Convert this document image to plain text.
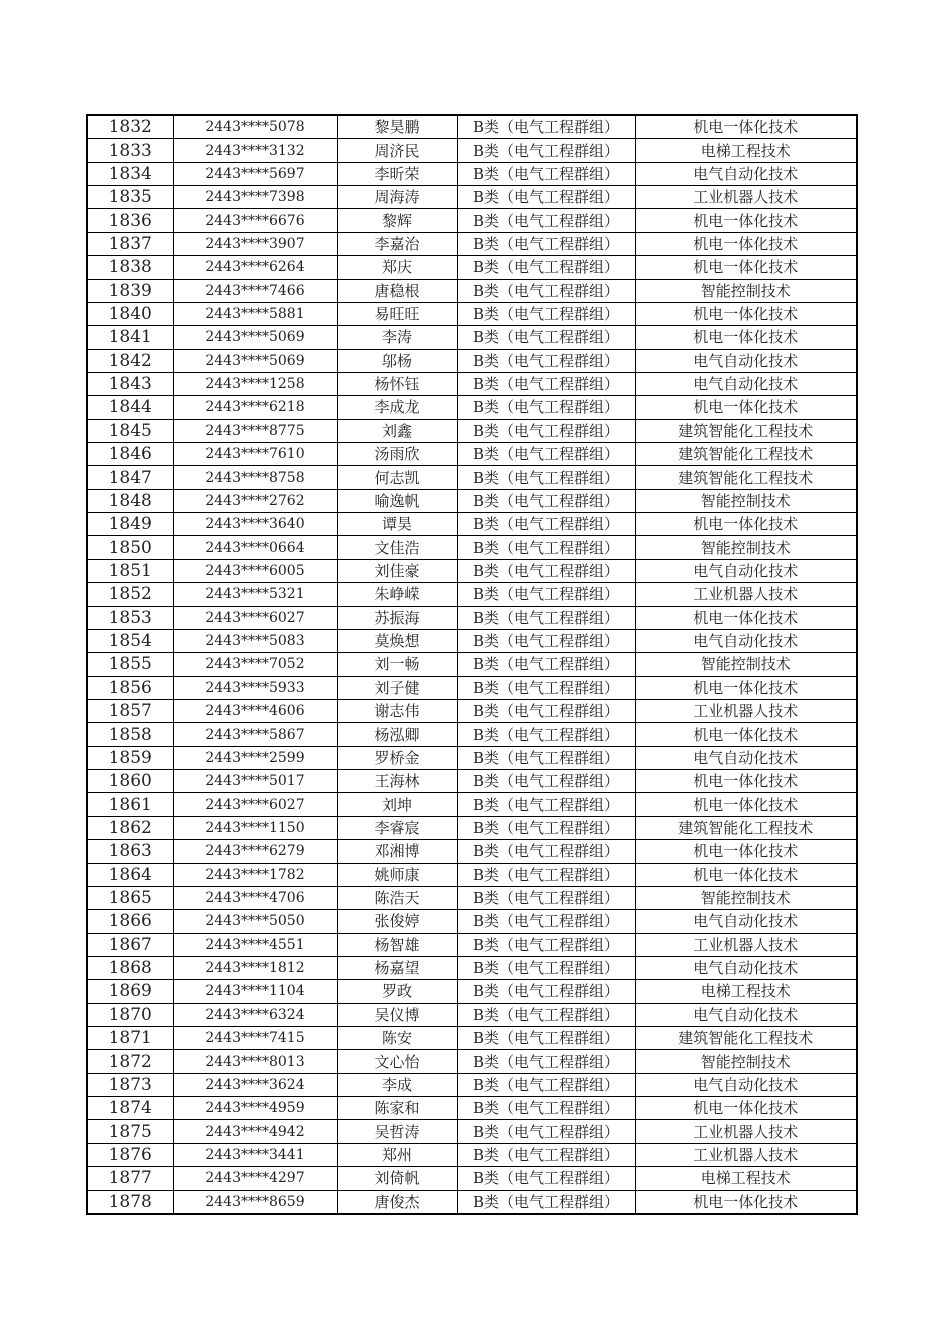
1832	2443****5078	黎昊鹏	B类（电气工程群组）	机电一体化技术
1833	2443****3132	周济民	B类（电气工程群组）	电梯工程技术
1834	2443****5697	李昕荣	B类（电气工程群组）	电气自动化技术
1835	2443****7398	周海涛	B类（电气工程群组）	工业机器人技术
1836	2443****6676	黎辉	B类（电气工程群组）	机电一体化技术
1837	2443****3907	李嘉治	B类（电气工程群组）	机电一体化技术
1838	2443****6264	郑庆	B类（电气工程群组）	机电一体化技术
1839	2443****7466	唐稳根	B类（电气工程群组）	智能控制技术
1840	2443****5881	易旺旺	B类（电气工程群组）	机电一体化技术
1841	2443****5069	李涛	B类（电气工程群组）	机电一体化技术
1842	2443****5069	邬杨	B类（电气工程群组）	电气自动化技术
1843	2443****1258	杨怀钰	B类（电气工程群组）	电气自动化技术
1844	2443****6218	李成龙	B类（电气工程群组）	机电一体化技术
1845	2443****8775	刘鑫	B类（电气工程群组）	建筑智能化工程技术
1846	2443****7610	汤雨欣	B类（电气工程群组）	建筑智能化工程技术
1847	2443****8758	何志凯	B类（电气工程群组）	建筑智能化工程技术
1848	2443****2762	喻逸帆	B类（电气工程群组）	智能控制技术
1849	2443****3640	谭昊	B类（电气工程群组）	机电一体化技术
1850	2443****0664	文佳浩	B类（电气工程群组）	智能控制技术
1851	2443****6005	刘佳豪	B类（电气工程群组）	电气自动化技术
1852	2443****5321	朱峥嵘	B类（电气工程群组）	工业机器人技术
1853	2443****6027	苏振海	B类（电气工程群组）	机电一体化技术
1854	2443****5083	莫焕想	B类（电气工程群组）	电气自动化技术
1855	2443****7052	刘一畅	B类（电气工程群组）	智能控制技术
1856	2443****5933	刘子健	B类（电气工程群组）	机电一体化技术
1857	2443****4606	谢志伟	B类（电气工程群组）	工业机器人技术
1858	2443****5867	杨泓卿	B类（电气工程群组）	机电一体化技术
1859	2443****2599	罗桥金	B类（电气工程群组）	电气自动化技术
1860	2443****5017	王海林	B类（电气工程群组）	机电一体化技术
1861	2443****6027	刘坤	B类（电气工程群组）	机电一体化技术
1862	2443****1150	李睿宸	B类（电气工程群组）	建筑智能化工程技术
1863	2443****6279	邓湘博	B类（电气工程群组）	机电一体化技术
1864	2443****1782	姚师康	B类（电气工程群组）	机电一体化技术
1865	2443****4706	陈浩天	B类（电气工程群组）	智能控制技术
1866	2443****5050	张俊婷	B类（电气工程群组）	电气自动化技术
1867	2443****4551	杨智雄	B类（电气工程群组）	工业机器人技术
1868	2443****1812	杨嘉望	B类（电气工程群组）	电气自动化技术
1869	2443****1104	罗政	B类（电气工程群组）	电梯工程技术
1870	2443****6324	吴仪博	B类（电气工程群组）	电气自动化技术
1871	2443****7415	陈安	B类（电气工程群组）	建筑智能化工程技术
1872	2443****8013	文心怡	B类（电气工程群组）	智能控制技术
1873	2443****3624	李成	B类（电气工程群组）	电气自动化技术
1874	2443****4959	陈家和	B类（电气工程群组）	机电一体化技术
1875	2443****4942	吴哲涛	B类（电气工程群组）	工业机器人技术
1876	2443****3441	郑州	B类（电气工程群组）	工业机器人技术
1877	2443****4297	刘倚帆	B类（电气工程群组）	电梯工程技术
1878	2443****8659	唐俊杰	B类（电气工程群组）	机电一体化技术
